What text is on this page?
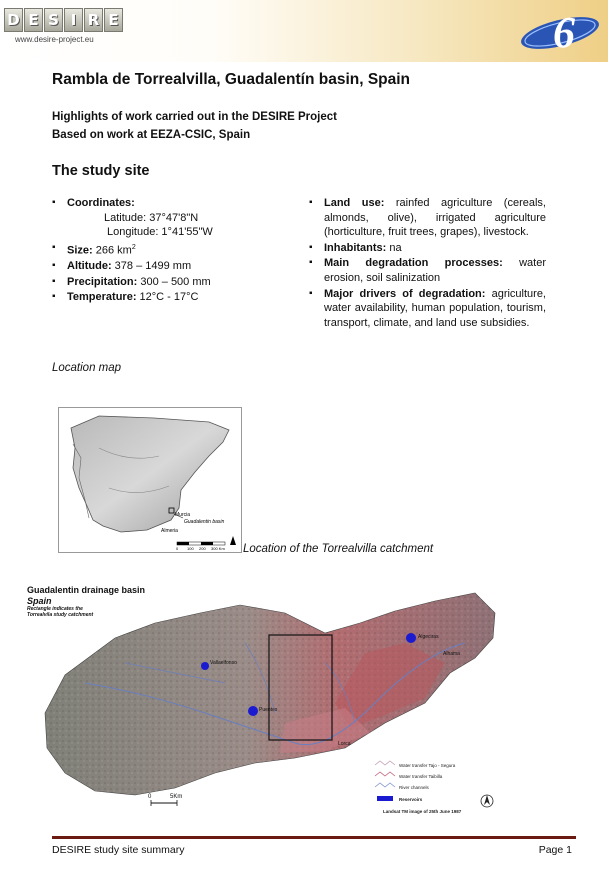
D E S I R E
www.desire-project.eu	6
Rambla de Torrealvilla, Guadalentín basin, Spain
Highlights of work carried out in the DESIRE Project
Based on work at EEZA-CSIC, Spain
The study site
▪ Coordinates:
Latitude: 37°47'8"N
Longitude: 1°41'55"W
▪ Size: 266 $km^2$
▪ Altitude: 378 – 1499 mm
▪ Precipitation: 300 – 500 mm
▪ Temperature: 12°C - 17°C
▪ Land use: rainfed agriculture (cereals, almonds, olive), irrigated agriculture (horticulture, fruit trees, grapes), livestock.
▪ Inhabitants: na
▪ Main degradation processes: water erosion, soil salinization
▪ Major drivers of degradation: agriculture, water availability, human population, tourism, transport, climate, and land use subsidies.
Location map
Murcia
Guadalentin basin
Almeria
0 100 200 300 Km Location of the Torrealvilla catchment
Guadalentin drainage basin
Spain
Rectangle indicates the Torrealvila study catchment
Vallaelfonso
Puentes
Lorca
Algeciras
Alhama
Water transfer Tajo - Segura
Water transfer Taibilla
River channels
Reservoirs
Landsat TM image of 25th June 1987
0	5Km
DESIRE study site summary	Page 1
